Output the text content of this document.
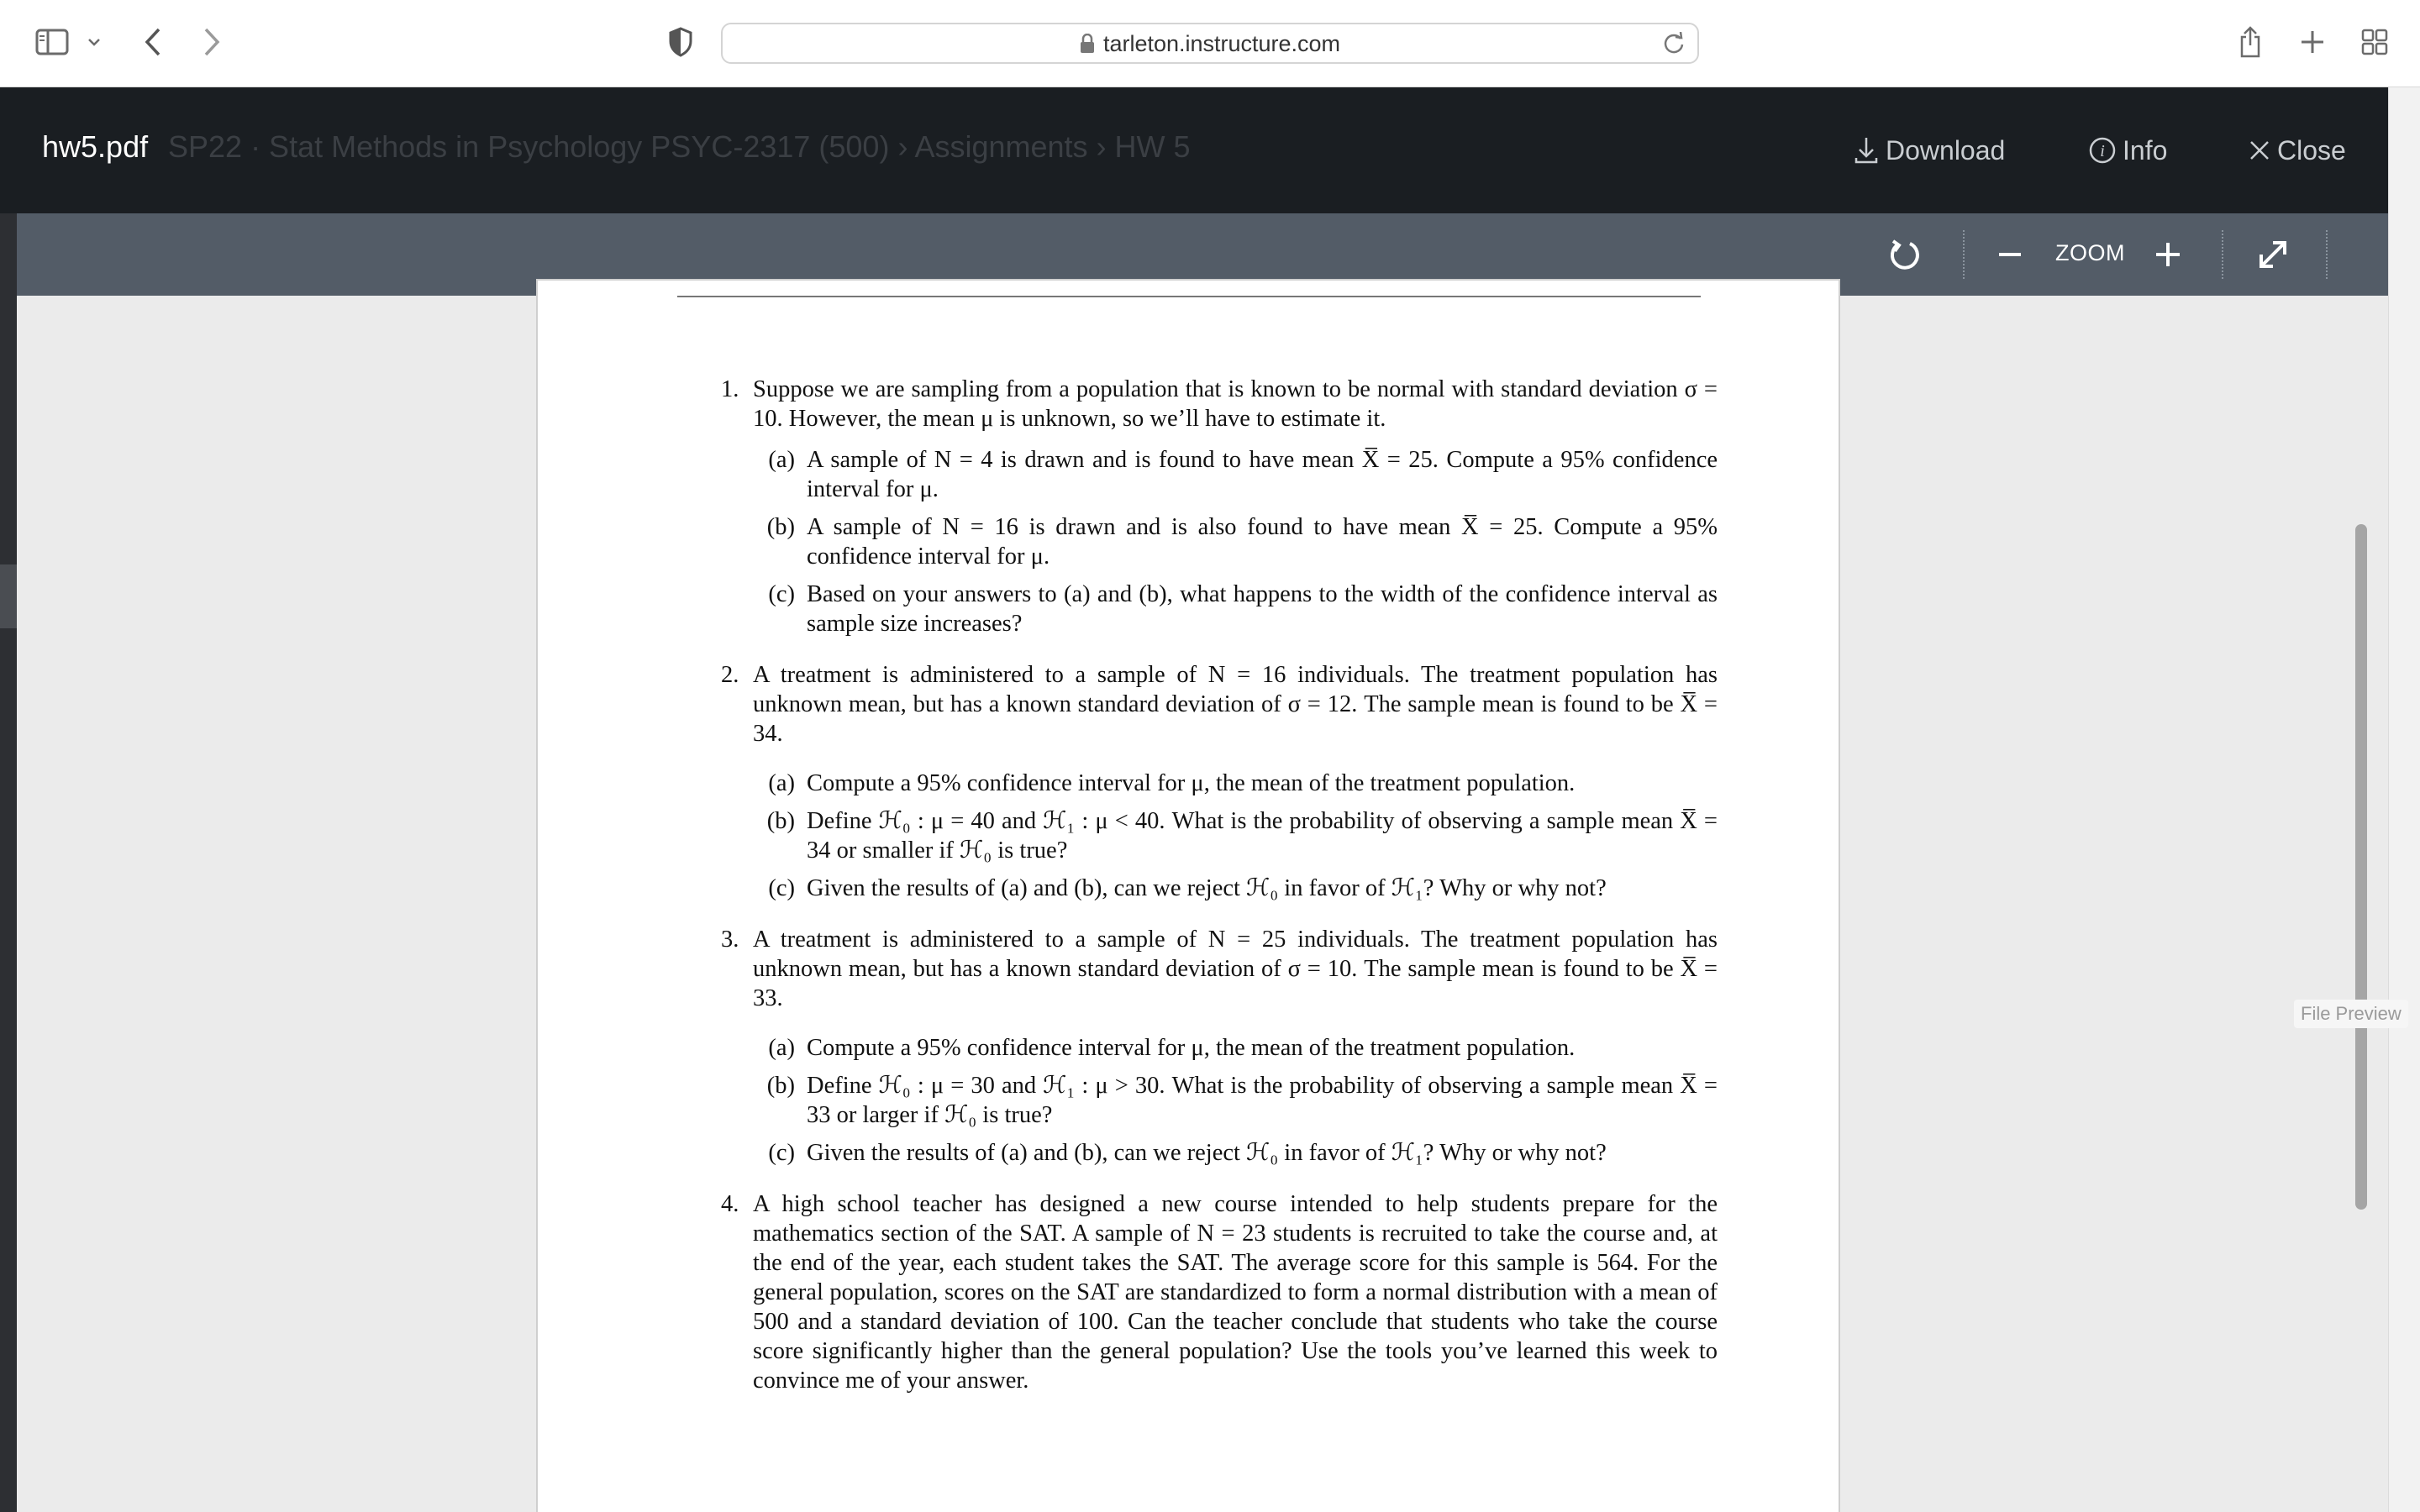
tarleton.instructure.com
SP22 · Stat Methods in Psychology PSYC-2317 (500) › Assignments › HW 5
hw5.pdf	Download	i Info	Close
ZOOM
1. Suppose we are sampling from a population that is known to be normal with standard deviation σ = 10. However, the mean μ is unknown, so we’ll have to estimate it.
(a) A sample of N = 4 is drawn and is found to have mean X̅ = 25. Compute a 95% confidence interval for μ.
(b) A sample of N = 16 is drawn and is also found to have mean X̅ = 25. Compute a 95% confidence interval for μ.
(c) Based on your answers to (a) and (b), what happens to the width of the confidence interval as sample size increases?
2. A treatment is administered to a sample of N = 16 individuals. The treatment population has unknown mean, but has a known standard deviation of σ = 12. The sample mean is found to be X̅ = 34.
(a) Compute a 95% confidence interval for μ, the mean of the treatment population.
(b) Define ℋ₀ : μ = 40 and ℋ₁ : μ < 40. What is the probability of observing a sample mean X̅ = 34 or smaller if ℋ₀ is true?
(c) Given the results of (a) and (b), can we reject ℋ₀ in favor of ℋ₁? Why or why not?
3. A treatment is administered to a sample of N = 25 individuals. The treatment population has unknown mean, but has a known standard deviation of σ = 10. The sample mean is found to be X̅ = 33.
(a) Compute a 95% confidence interval for μ, the mean of the treatment population.
(b) Define ℋ₀ : μ = 30 and ℋ₁ : μ > 30. What is the probability of observing a sample mean X̅ = 33 or larger if ℋ₀ is true?
(c) Given the results of (a) and (b), can we reject ℋ₀ in favor of ℋ₁? Why or why not?
4. A high school teacher has designed a new course intended to help students prepare for the mathematics section of the SAT. A sample of N = 23 students is recruited to take the course and, at the end of the year, each student takes the SAT. The average score for this sample is 564. For the general population, scores on the SAT are standardized to form a normal distribution with a mean of 500 and a standard deviation of 100. Can the teacher conclude that students who take the course score significantly higher than the general population? Use the tools you’ve learned this week to convince me of your answer.
File Preview
